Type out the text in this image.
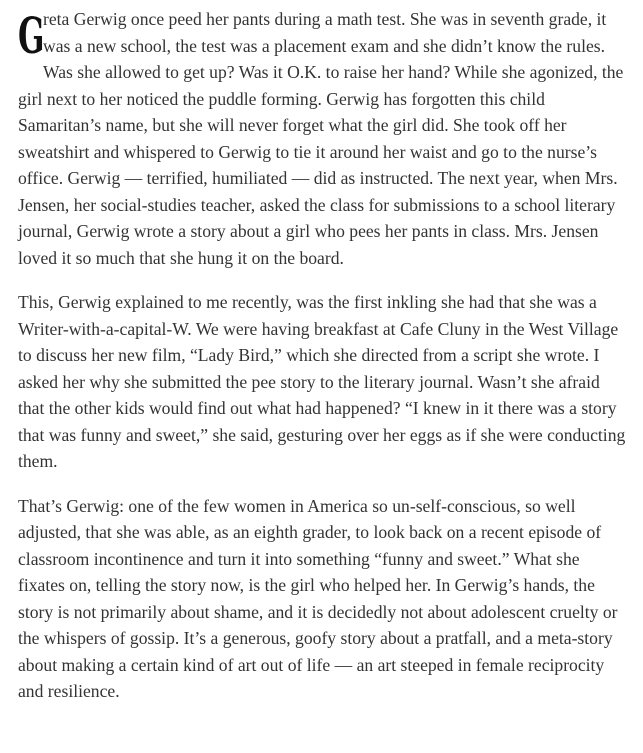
G
reta Gerwig once peed her pants during a math test. She was in seventh grade, it was a new school, the test was a placement exam and she didn’t know the rules. Was she allowed to get up? Was it O.K. to raise her hand? While she agonized, the girl next to her noticed the puddle forming. Gerwig has forgotten this child Samaritan’s name, but she will never forget what the girl did. She took off her sweatshirt and whispered to Gerwig to tie it around her waist and go to the nurse’s office. Gerwig — terrified, humiliated — did as instructed. The next year, when Mrs. Jensen, her social-studies teacher, asked the class for submissions to a school literary journal, Gerwig wrote a story about a girl who pees her pants in class. Mrs. Jensen loved it so much that she hung it on the board.

This, Gerwig explained to me recently, was the first inkling she had that she was a Writer-with-a-capital-W. We were having breakfast at Cafe Cluny in the West Village to discuss her new film, “Lady Bird,” which she directed from a script she wrote. I asked her why she submitted the pee story to the literary journal. Wasn’t she afraid that the other kids would find out what had happened? “I knew in it there was a story that was funny and sweet,” she said, gesturing over her eggs as if she were conducting them.

That’s Gerwig: one of the few women in America so un-self-conscious, so well adjusted, that she was able, as an eighth grader, to look back on a recent episode of classroom incontinence and turn it into something “funny and sweet.” What she fixates on, telling the story now, is the girl who helped her. In Gerwig’s hands, the story is not primarily about shame, and it is decidedly not about adolescent cruelty or the whispers of gossip. It’s a generous, goofy story about a pratfall, and a meta-story about making a certain kind of art out of life — an art steeped in female reciprocity and resilience.
